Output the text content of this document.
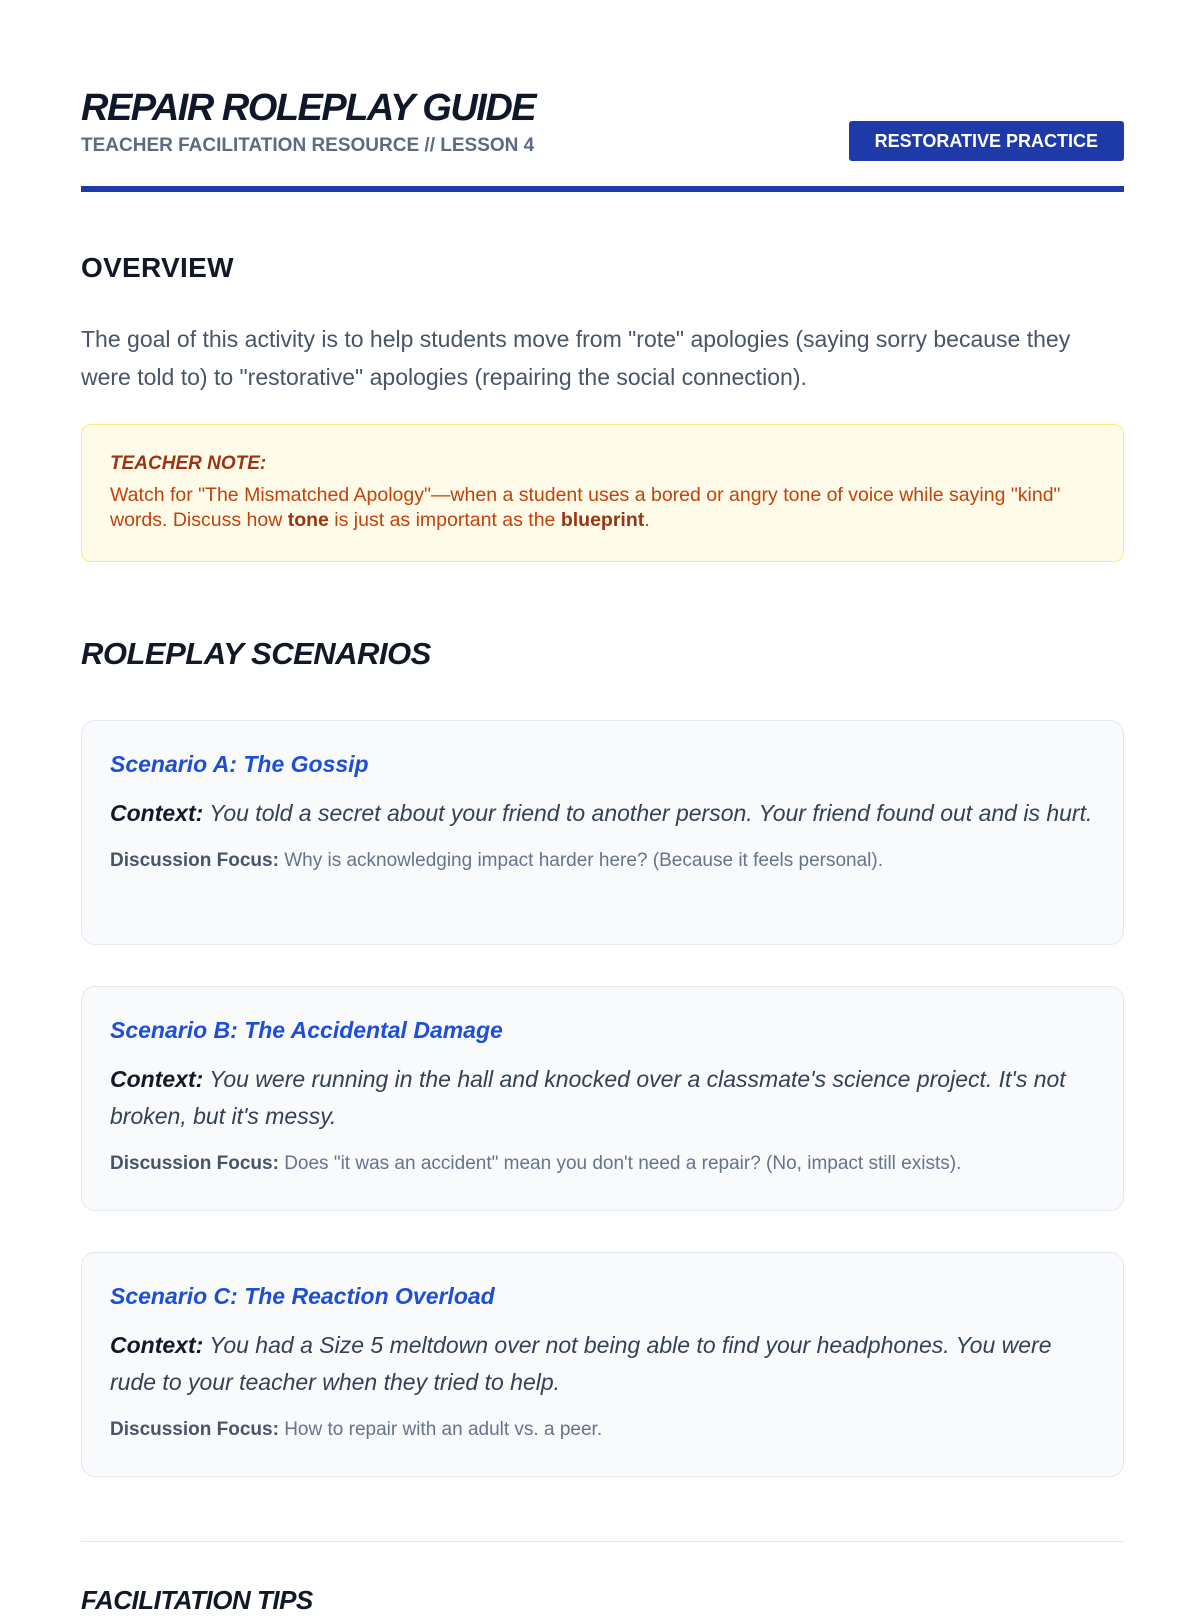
REPAIR ROLEPLAY GUIDE
TEACHER FACILITATION RESOURCE // LESSON 4	RESTORATIVE PRACTICE
OVERVIEW

The goal of this activity is to help students move from "rote" apologies (saying sorry because they were told to) to "restorative" apologies (repairing the social connection).

TEACHER NOTE:

Watch for "The Mismatched Apology"—when a student uses a bored or angry tone of voice while saying "kind" words. Discuss how tone is just as important as the blueprint.

ROLEPLAY SCENARIOS

Scenario A: The Gossip

Context: You told a secret about your friend to another person. Your friend found out and is hurt.

Discussion Focus: Why is acknowledging impact harder here? (Because it feels personal).

Scenario B: The Accidental Damage

Context: You were running in the hall and knocked over a classmate's science project. It's not broken, but it's messy.

Discussion Focus: Does "it was an accident" mean you don't need a repair? (No, impact still exists).

Scenario C: The Reaction Overload

Context: You had a Size 5 meltdown over not being able to find your headphones. You were rude to your teacher when they tried to help.

Discussion Focus: How to repair with an adult vs. a peer.

FACILITATION TIPS
